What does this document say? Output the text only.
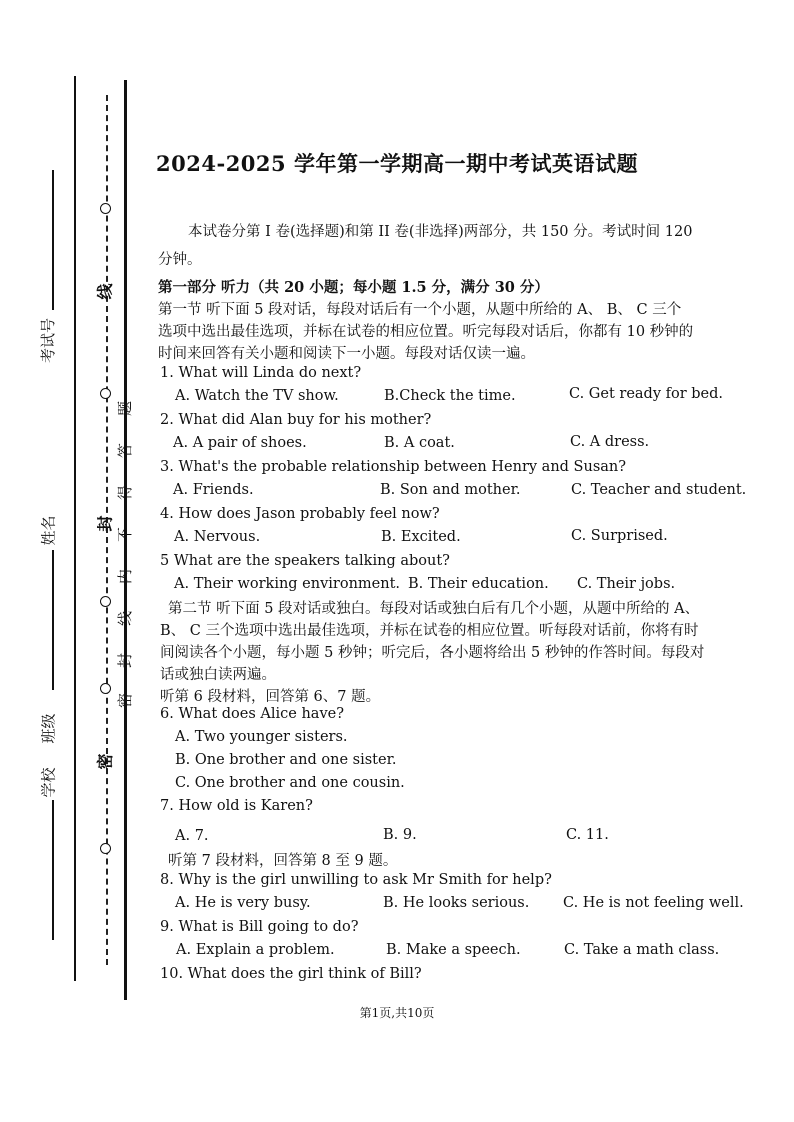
线
封
密
题
答
得
不
内
线
封
密
考试号
姓名
班级
学校
2024-2025 学年第一学期高一期中考试英语试题
本试卷分第 I 卷(选择题)和第 II 卷(非选择)两部分，共 150 分。考试时间 120
分钟。
第一部分 听力（共 20 小题；每小题 1.5 分，满分 30 分）
第一节 听下面 5 段对话，每段对话后有一个小题，从题中所给的 A、 B、 C 三个
选项中选出最佳选项，并标在试卷的相应位置。听完每段对话后，你都有 10 秒钟的
时间来回答有关小题和阅读下一小题。每段对话仅读一遍。
1. What will Linda do next?
A. Watch the TV show.	B.Check the time.	C. Get ready for bed.
2. What did Alan buy for his mother?
A. A pair of shoes.	B. A coat.	C. A dress.
3. What's the probable relationship between Henry and Susan?
A. Friends.	B. Son and mother.	C. Teacher and student.
4. How does Jason probably feel now?
A. Nervous.	B. Excited.	C. Surprised.
5 What are the speakers talking about?
A. Their working environment. B. Their education. C. Their jobs.
第二节 听下面 5 段对话或独白。每段对话或独白后有几个小题，从题中所给的 A、
B、 C 三个选项中选出最佳选项，并标在试卷的相应位置。听每段对话前，你将有时
间阅读各个小题，每小题 5 秒钟；听完后，各小题将给出 5 秒钟的作答时间。每段对
话或独白读两遍。
听第 6 段材料，回答第 6、7 题。
6. What does Alice have?
A. Two younger sisters.
B. One brother and one sister.
C. One brother and one cousin.
7. How old is Karen?
A. 7.	B. 9.	C. 11.
听第 7 段材料，回答第 8 至 9 题。
8. Why is the girl unwilling to ask Mr Smith for help?
A. He is very busy.	B. He looks serious. C. He is not feeling well.
9. What is Bill going to do?
A. Explain a problem.	B. Make a speech.	C. Take a math class.
10. What does the girl think of Bill?
第1页,共10页
